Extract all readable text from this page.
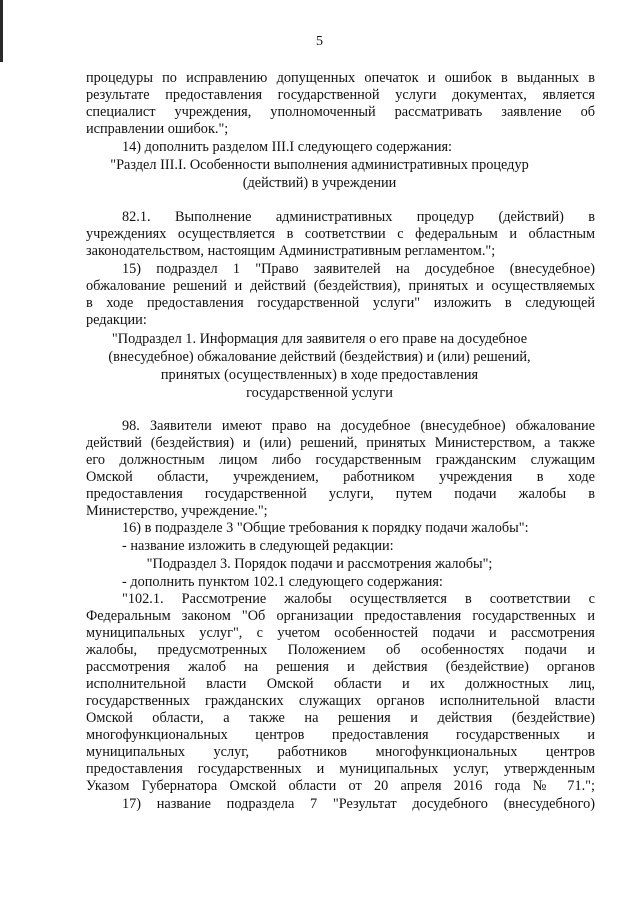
5
процедуры по исправлению допущенных опечаток и ошибок в выданных в
результате предоставления государственной услуги документах, является
специалист учреждения, уполномоченный рассматривать заявление об
исправлении ошибок.";
14) дополнить разделом III.I следующего содержания:
"Раздел III.I. Особенности выполнения административных процедур
(действий) в учреждении
82.1. Выполнение административных процедур (действий) в
учреждениях осуществляется в соответствии с федеральным и областным
законодательством, настоящим Административным регламентом.";
15) подраздел 1 "Право заявителей на досудебное (внесудебное)
обжалование решений и действий (бездействия), принятых и осуществляемых
в ходе предоставления государственной услуги" изложить в следующей
редакции:
"Подраздел 1. Информация для заявителя о его праве на досудебное
(внесудебное) обжалование действий (бездействия) и (или) решений,
принятых (осуществленных) в ходе предоставления
государственной услуги
98. Заявители имеют право на досудебное (внесудебное) обжалование
действий (бездействия) и (или) решений, принятых Министерством, а также
его должностным лицом либо государственным гражданским служащим
Омской области, учреждением, работником учреждения в ходе
предоставления государственной услуги, путем подачи жалобы в
Министерство, учреждение.";
16) в подразделе 3 "Общие требования к порядку подачи жалобы":
- название изложить в следующей редакции:
"Подраздел 3. Порядок подачи и рассмотрения жалобы";
- дополнить пунктом 102.1 следующего содержания:
"102.1. Рассмотрение жалобы осуществляется в соответствии с
Федеральным законом "Об организации предоставления государственных и
муниципальных услуг", с учетом особенностей подачи и рассмотрения
жалобы, предусмотренных Положением об особенностях подачи и
рассмотрения жалоб на решения и действия (бездействие) органов
исполнительной власти Омской области и их должностных лиц,
государственных гражданских служащих органов исполнительной власти
Омской области, а также на решения и действия (бездействие)
многофункциональных центров предоставления государственных и
муниципальных услуг, работников многофункциональных центров
предоставления государственных и муниципальных услуг, утвержденным
Указом Губернатора Омской области от 20 апреля 2016 года № 71.";
17) название подраздела 7 "Результат досудебного (внесудебного)
